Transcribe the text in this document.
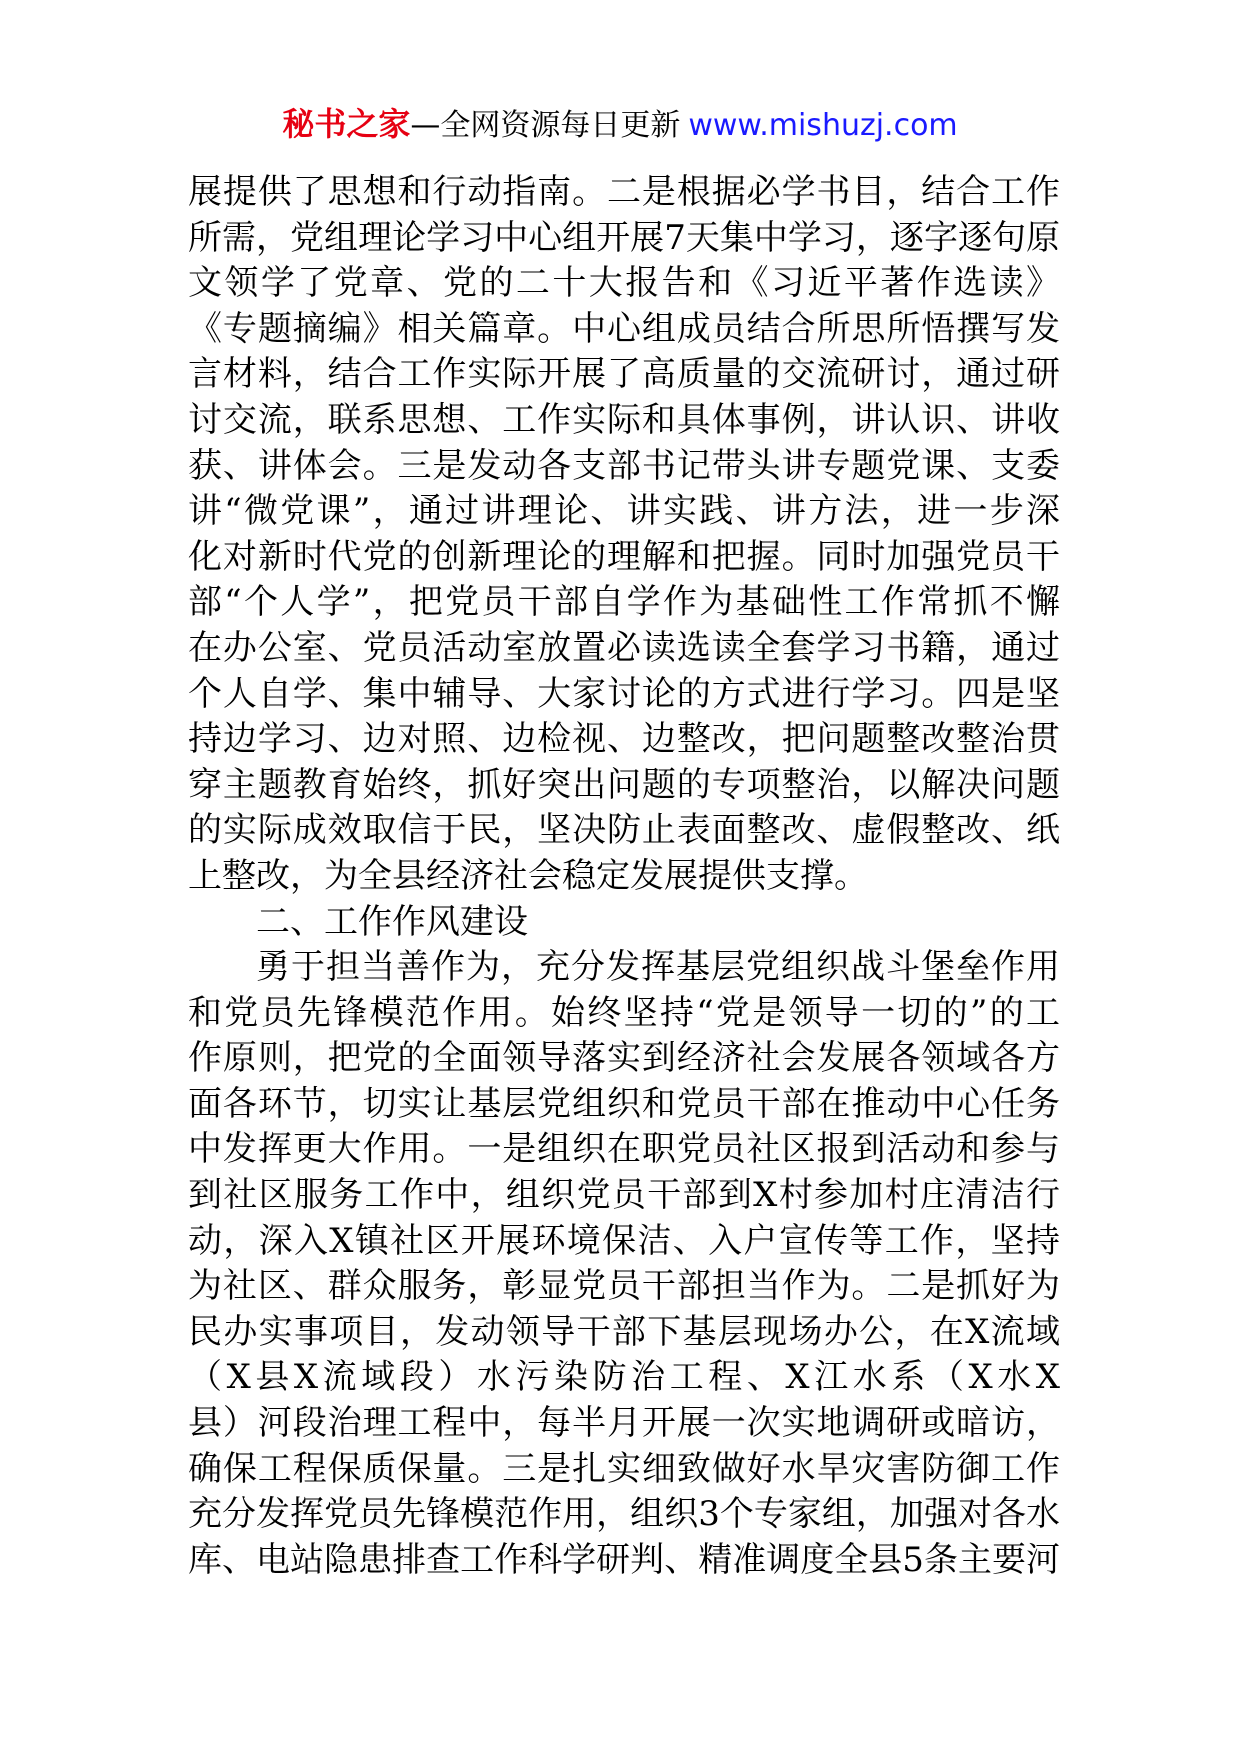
秘书之家—全网资源每日更新 www.mishuzj.com
展提供了思想和行动指南。二是根据必学书目，结合工作
所需，党组理论学习中心组开展7天集中学习，逐字逐句原
文领学了党章、党的二十大报告和《习近平著作选读》
《专题摘编》相关篇章。中心组成员结合所思所悟撰写发
言材料，结合工作实际开展了高质量的交流研讨，通过研
讨交流，联系思想、工作实际和具体事例，讲认识、讲收
获、讲体会。三是发动各支部书记带头讲专题党课、支委
讲“微党课”，通过讲理论、讲实践、讲方法，进一步深
化对新时代党的创新理论的理解和把握。同时加强党员干
部“个人学”，把党员干部自学作为基础性工作常抓不懈
在办公室、党员活动室放置必读选读全套学习书籍，通过
个人自学、集中辅导、大家讨论的方式进行学习。四是坚
持边学习、边对照、边检视、边整改，把问题整改整治贯
穿主题教育始终，抓好突出问题的专项整治，以解决问题
的实际成效取信于民，坚决防止表面整改、虚假整改、纸
上整改，为全县经济社会稳定发展提供支撑。
二、工作作风建设
勇于担当善作为，充分发挥基层党组织战斗堡垒作用
和党员先锋模范作用。始终坚持“党是领导一切的”的工
作原则，把党的全面领导落实到经济社会发展各领域各方
面各环节，切实让基层党组织和党员干部在推动中心任务
中发挥更大作用。一是组织在职党员社区报到活动和参与
到社区服务工作中，组织党员干部到X村参加村庄清洁行
动，深入X镇社区开展环境保洁、入户宣传等工作，坚持
为社区、群众服务，彰显党员干部担当作为。二是抓好为
民办实事项目，发动领导干部下基层现场办公，在X流域
（X县X流域段）水污染防治工程、X江水系（X水X
县）河段治理工程中，每半月开展一次实地调研或暗访，
确保工程保质保量。三是扎实细致做好水旱灾害防御工作
充分发挥党员先锋模范作用，组织3个专家组，加强对各水
库、电站隐患排查工作科学研判、精准调度全县5条主要河
